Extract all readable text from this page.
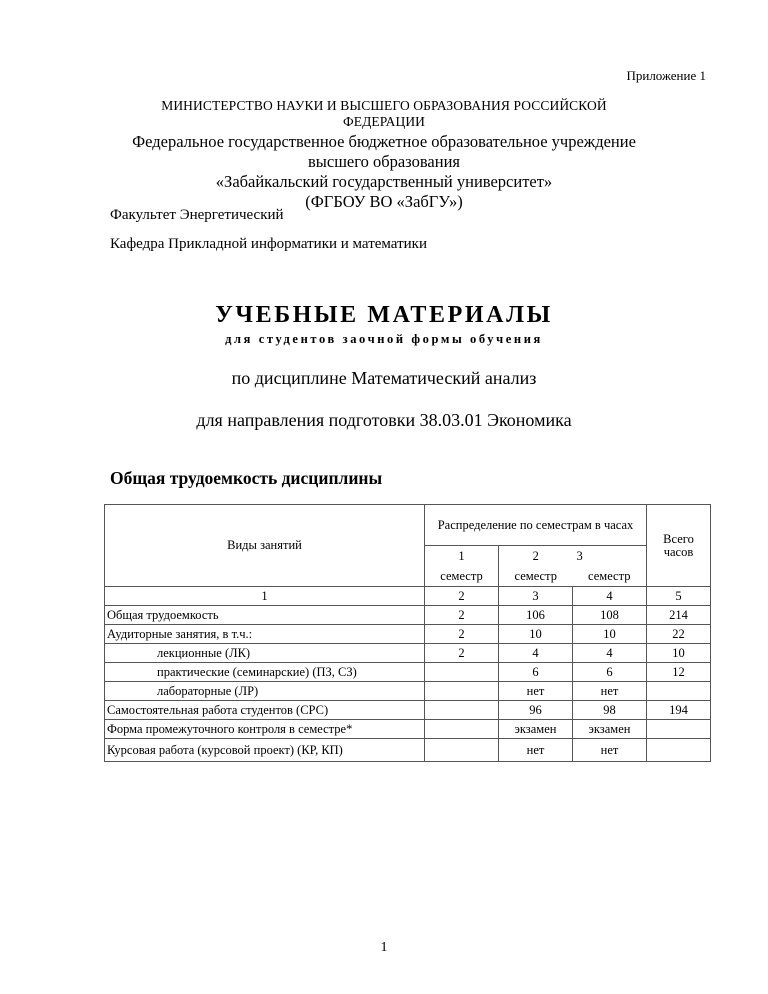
Приложение 1
МИНИСТЕРСТВО НАУКИ И ВЫСШЕГО ОБРАЗОВАНИЯ РОССИЙСКОЙ
ФЕДЕРАЦИИ
Федеральное государственное бюджетное образовательное учреждение
высшего образования
«Забайкальский государственный университет»
(ФГБОУ ВО «ЗабГУ»)
Факультет Энергетический
Кафедра Прикладной информатики и математики
УЧЕБНЫЕ МАТЕРИАЛЫ
для студентов заочной формы обучения
по дисциплине Математический анализ
для направления подготовки 38.03.01 Экономика
Общая трудоемкость дисциплины
Виды занятий	Распределение по семестрам в часах			Всего часов
	1	2	3	
	семестр	семестр	семестр	
1	2	3	4	5
Общая трудоемкость	2	106	108	214
Аудиторные занятия, в т.ч.:	2	10	10	22
лекционные (ЛК)	2	4	4	10
практические (семинарские) (ПЗ, СЗ)		6	6	12
лабораторные (ЛР)		нет	нет	
Самостоятельная работа студентов (СРС)		96	98	194
Форма промежуточного контроля в семестре*		экзамен	экзамен	
Курсовая работа (курсовой проект) (КР, КП)		нет	нет	
1
